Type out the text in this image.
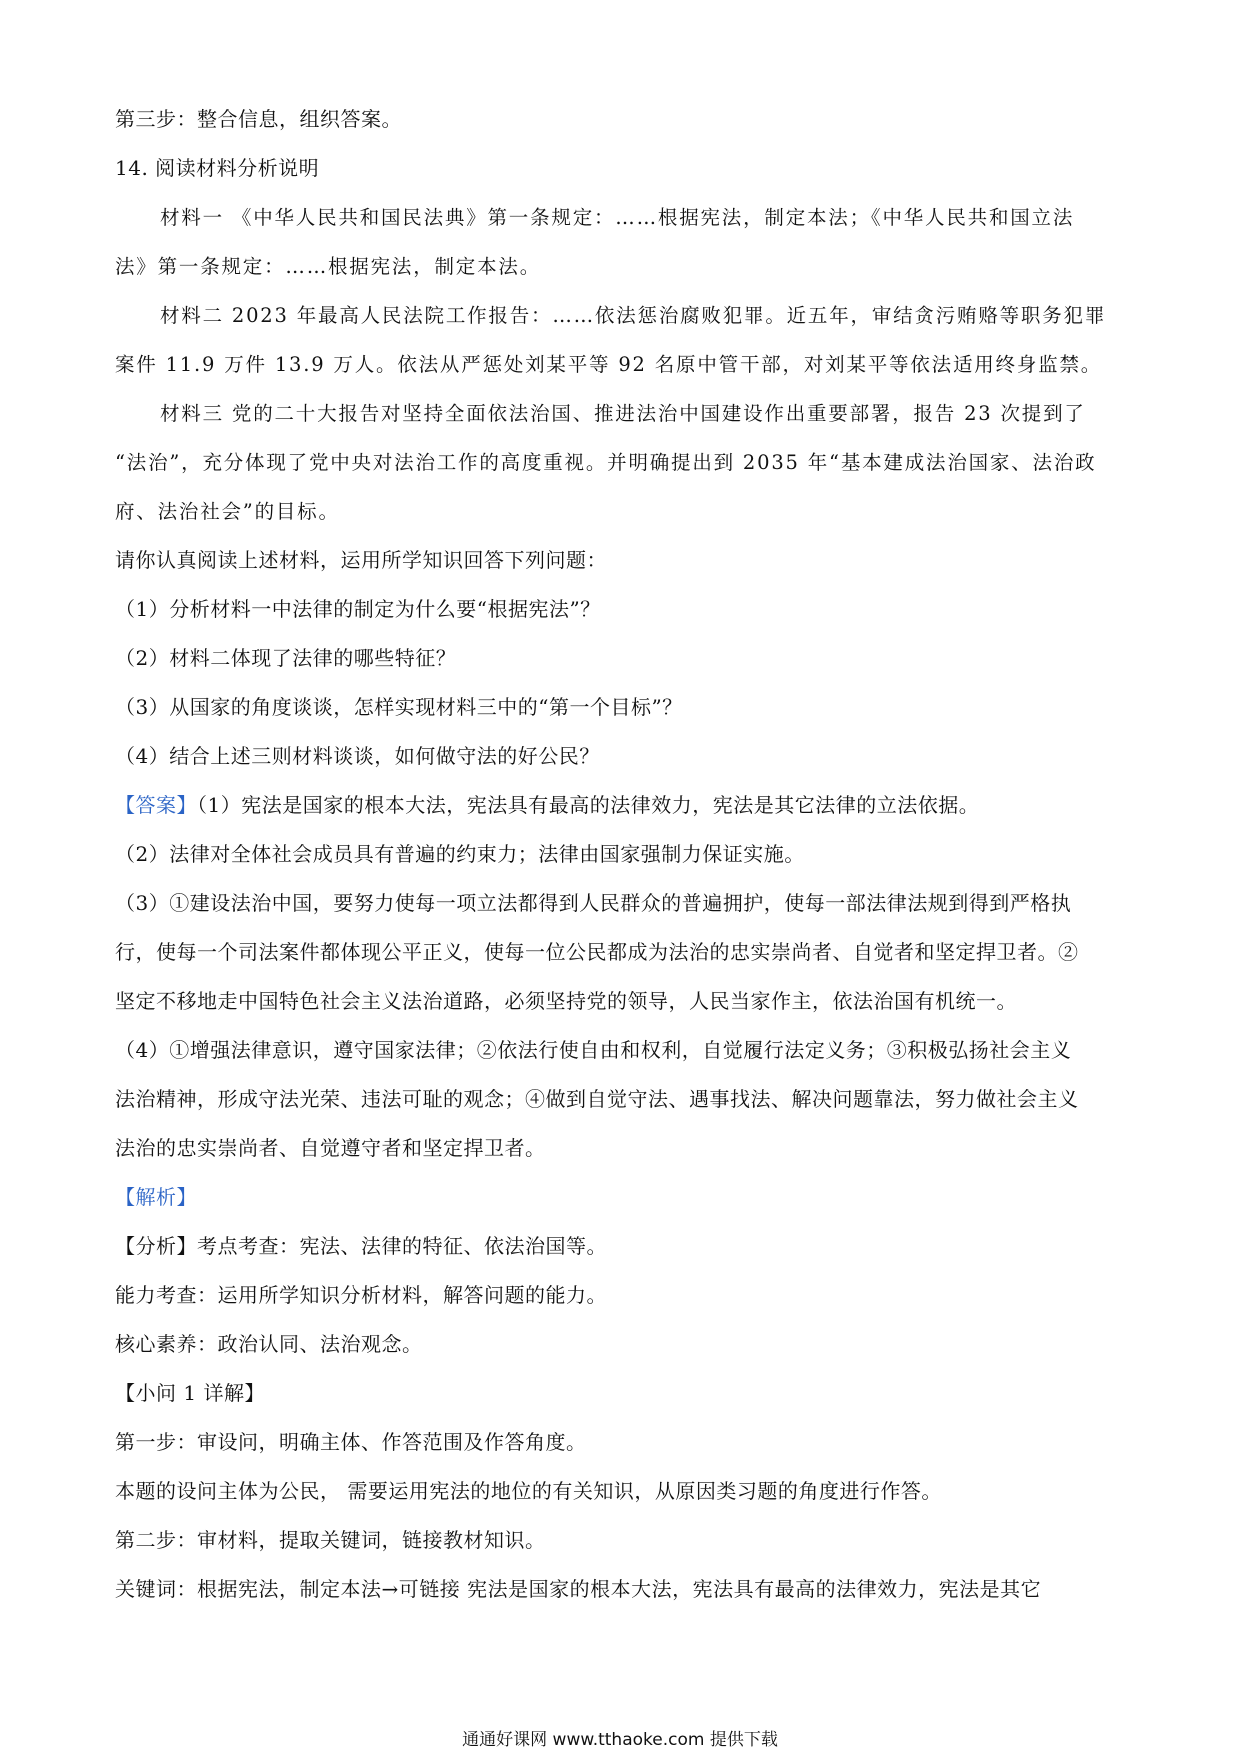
第三步：整合信息，组织答案。
14. 阅读材料分析说明
材料一 《中华人民共和国民法典》第一条规定：……根据宪法，制定本法；《中华人民共和国立法
法》第一条规定：……根据宪法，制定本法。
材料二 2023 年最高人民法院工作报告：……依法惩治腐败犯罪。近五年，审结贪污贿赂等职务犯罪
案件 11.9 万件 13.9 万人。依法从严惩处刘某平等 92 名原中管干部，对刘某平等依法适用终身监禁。
材料三 党的二十大报告对坚持全面依法治国、推进法治中国建设作出重要部署，报告 23 次提到了
“法治”，充分体现了党中央对法治工作的高度重视。并明确提出到 2035 年“基本建成法治国家、法治政
府、法治社会”的目标。
请你认真阅读上述材料，运用所学知识回答下列问题：
（1）分析材料一中法律的制定为什么要“根据宪法”？
（2）材料二体现了法律的哪些特征？
（3）从国家的角度谈谈，怎样实现材料三中的“第一个目标”？
（4）结合上述三则材料谈谈，如何做守法的好公民？
【答案】（1）宪法是国家的根本大法，宪法具有最高的法律效力，宪法是其它法律的立法依据。
（2）法律对全体社会成员具有普遍的约束力；法律由国家强制力保证实施。
（3）①建设法治中国，要努力使每一项立法都得到人民群众的普遍拥护，使每一部法律法规到得到严格执
行，使每一个司法案件都体现公平正义，使每一位公民都成为法治的忠实崇尚者、自觉者和坚定捍卫者。②
坚定不移地走中国特色社会主义法治道路，必须坚持党的领导，人民当家作主，依法治国有机统一。
（4）①增强法律意识，遵守国家法律；②依法行使自由和权利，自觉履行法定义务；③积极弘扬社会主义
法治精神，形成守法光荣、违法可耻的观念；④做到自觉守法、遇事找法、解决问题靠法，努力做社会主义
法治的忠实崇尚者、自觉遵守者和坚定捍卫者。
【解析】
【分析】考点考查：宪法、法律的特征、依法治国等。
能力考查：运用所学知识分析材料，解答问题的能力。
核心素养：政治认同、法治观念。
【小问 1 详解】
第一步：审设问，明确主体、作答范围及作答角度。
本题的设问主体为公民， 需要运用宪法的地位的有关知识，从原因类习题的角度进行作答。
第二步：审材料，提取关键词，链接教材知识。
关键词：根据宪法，制定本法→可链接 宪法是国家的根本大法，宪法具有最高的法律效力，宪法是其它
通通好课网 www.tthaoke.com 提供下载
